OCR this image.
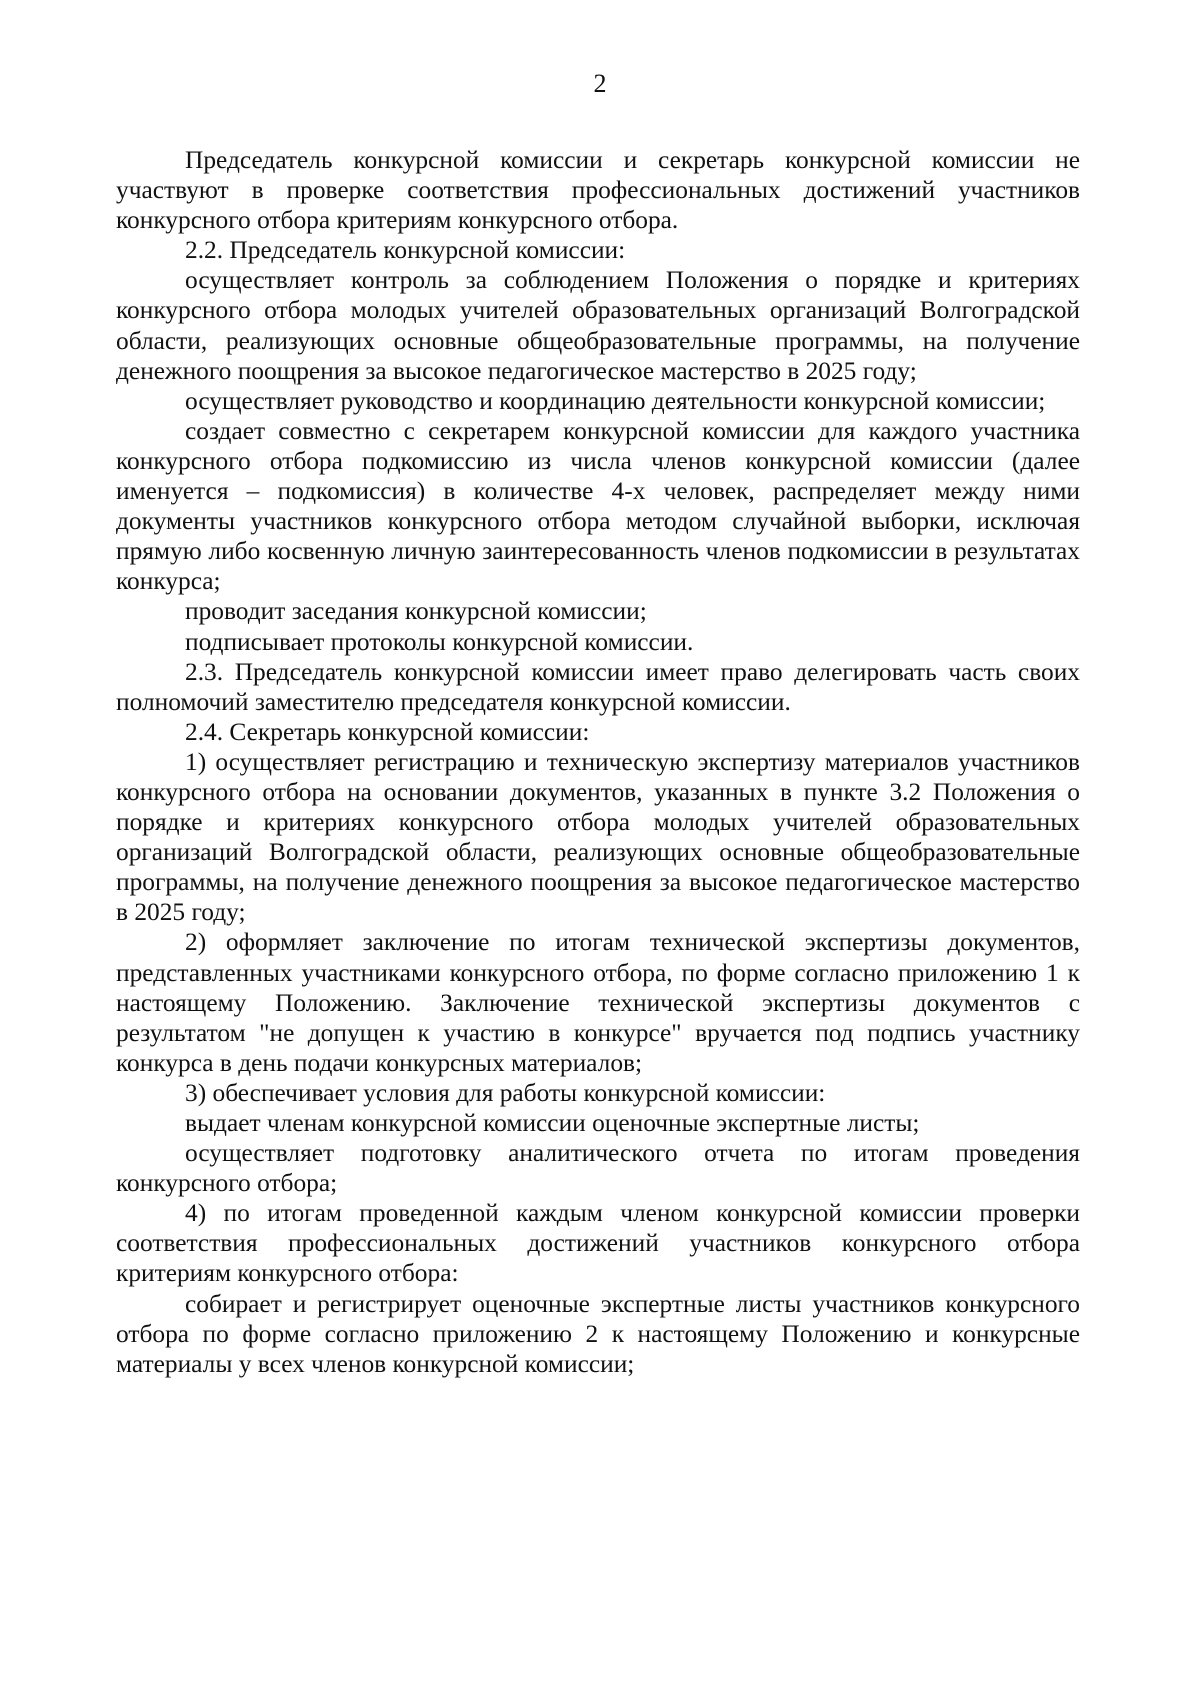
2

Председатель конкурсной комиссии и секретарь конкурсной комиссии не участвуют в проверке соответствия профессиональных достижений участников конкурсного отбора критериям конкурсного отбора.

2.2. Председатель конкурсной комиссии:

осуществляет контроль за соблюдением Положения о порядке и критериях конкурсного отбора молодых учителей образовательных организаций Волгоградской области, реализующих основные общеобразовательные программы, на получение денежного поощрения за высокое педагогическое мастерство в 2025 году;

осуществляет руководство и координацию деятельности конкурсной комиссии;

создает совместно с секретарем конкурсной комиссии для каждого участника конкурсного отбора подкомиссию из числа членов конкурсной комиссии (далее именуется – подкомиссия) в количестве 4-х человек, распределяет между ними документы участников конкурсного отбора методом случайной выборки, исключая прямую либо косвенную личную заинтересованность членов подкомиссии в результатах конкурса;

проводит заседания конкурсной комиссии;

подписывает протоколы конкурсной комиссии.

2.3. Председатель конкурсной комиссии имеет право делегировать часть своих полномочий заместителю председателя конкурсной комиссии.

2.4. Секретарь конкурсной комиссии:

1) осуществляет регистрацию и техническую экспертизу материалов участников конкурсного отбора на основании документов, указанных в пункте 3.2 Положения о порядке и критериях конкурсного отбора молодых учителей образовательных организаций Волгоградской области, реализующих основные общеобразовательные программы, на получение денежного поощрения за высокое педагогическое мастерство в 2025 году;

2) оформляет заключение по итогам технической экспертизы документов, представленных участниками конкурсного отбора, по форме согласно приложению 1 к настоящему Положению. Заключение технической экспертизы документов с результатом "не допущен к участию в конкурсе" вручается под подпись участнику конкурса в день подачи конкурсных материалов;

3) обеспечивает условия для работы конкурсной комиссии:

выдает членам конкурсной комиссии оценочные экспертные листы;

осуществляет подготовку аналитического отчета по итогам проведения конкурсного отбора;

4) по итогам проведенной каждым членом конкурсной комиссии проверки соответствия профессиональных достижений участников конкурсного отбора критериям конкурсного отбора:

собирает и регистрирует оценочные экспертные листы участников конкурсного отбора по форме согласно приложению 2 к настоящему Положению и конкурсные материалы у всех членов конкурсной комиссии;
